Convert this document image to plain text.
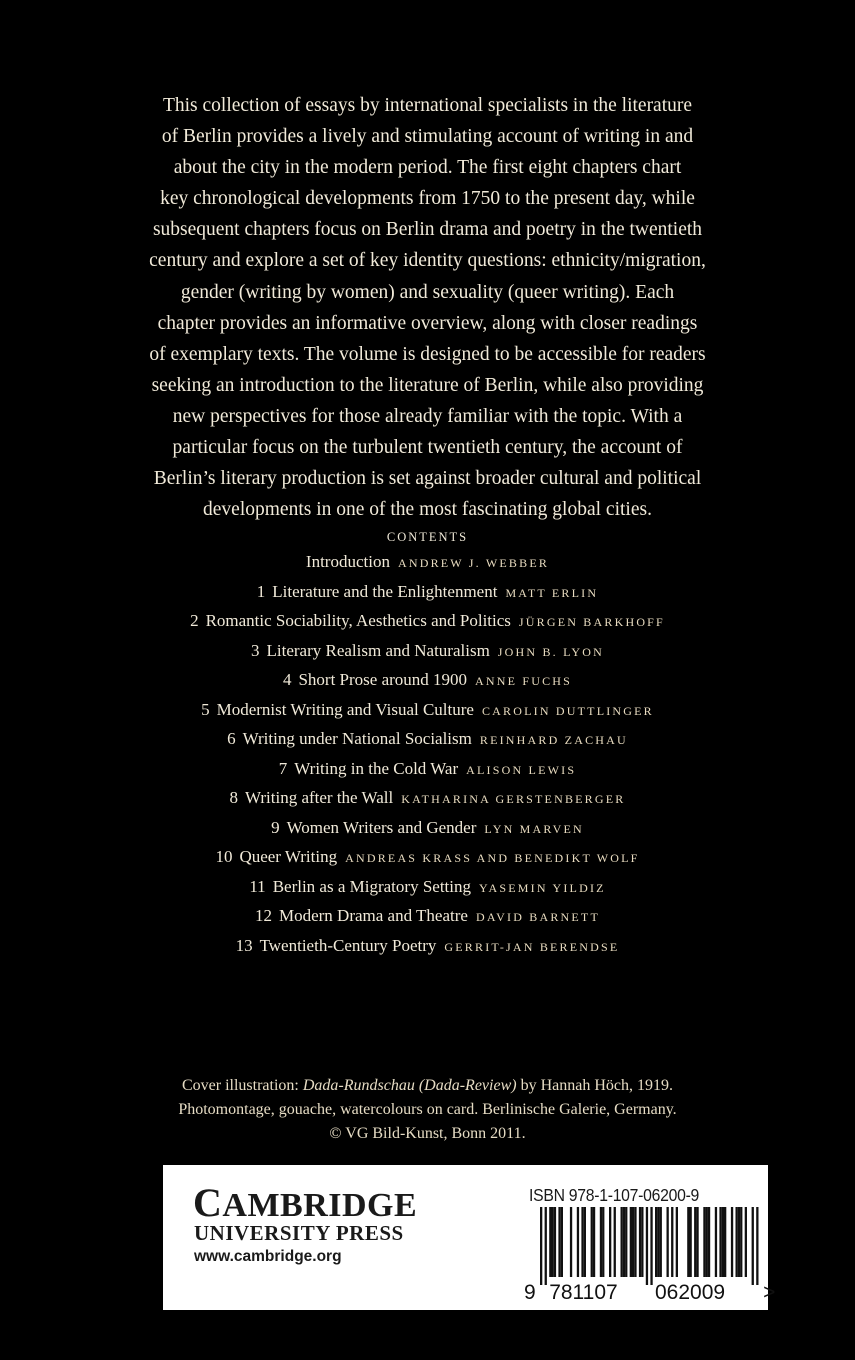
This collection of essays by international specialists in the literature
of Berlin provides a lively and stimulating account of writing in and
about the city in the modern period. The first eight chapters chart
key chronological developments from 1750 to the present day, while
subsequent chapters focus on Berlin drama and poetry in the twentieth
century and explore a set of key identity questions: ethnicity/migration,
gender (writing by women) and sexuality (queer writing). Each
chapter provides an informative overview, along with closer readings
of exemplary texts. The volume is designed to be accessible for readers
seeking an introduction to the literature of Berlin, while also providing
new perspectives for those already familiar with the topic. With a
particular focus on the turbulent twentieth century, the account of
Berlin’s literary production is set against broader cultural and political
developments in one of the most fascinating global cities.
CONTENTS
Introduction ANDREW J. WEBBER
1 Literature and the Enlightenment MATT ERLIN
2 Romantic Sociability, Aesthetics and Politics JÜRGEN BARKHOFF
3 Literary Realism and Naturalism JOHN B. LYON
4 Short Prose around 1900 ANNE FUCHS
5 Modernist Writing and Visual Culture CAROLIN DUTTLINGER
6 Writing under National Socialism REINHARD ZACHAU
7 Writing in the Cold War ALISON LEWIS
8 Writing after the Wall KATHARINA GERSTENBERGER
9 Women Writers and Gender LYN MARVEN
10 Queer Writing ANDREAS KRASS AND BENEDIKT WOLF
11 Berlin as a Migratory Setting YASEMIN YILDIZ
12 Modern Drama and Theatre DAVID BARNETT
13 Twentieth-Century Poetry GERRIT-JAN BERENDSE
Cover illustration: Dada-Rundschau (Dada-Review) by Hannah Höch, 1919.
Photomontage, gouache, watercolours on card. Berlinische Galerie, Germany.
© VG Bild-Kunst, Bonn 2011.
CAMBRIDGE
UNIVERSITY PRESS
www.cambridge.org
ISBN 978-1-107-06200-9
9 781107 062009 >
